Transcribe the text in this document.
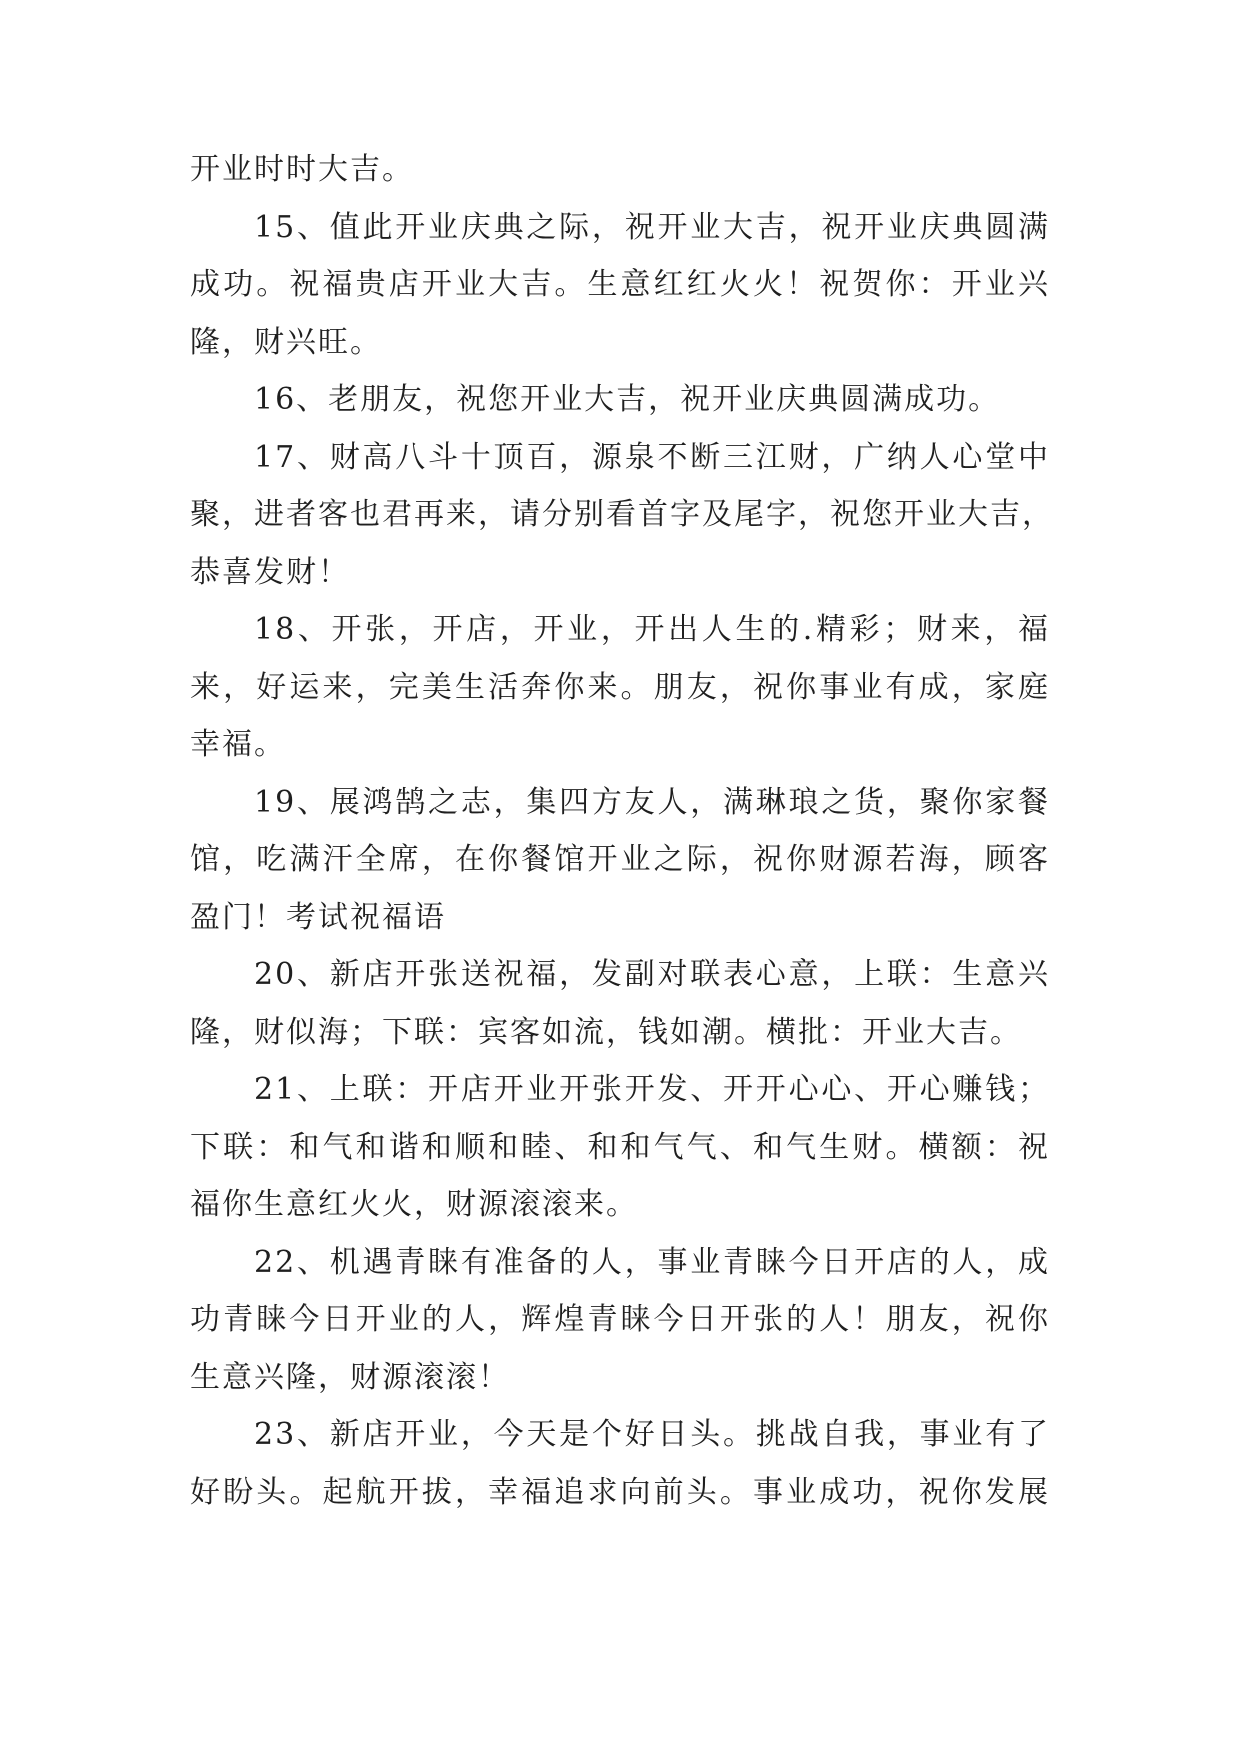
开业时时大吉。
15、值此开业庆典之际，祝开业大吉，祝开业庆典圆满
成功。祝福贵店开业大吉。生意红红火火！祝贺你：开业兴
隆，财兴旺。
16、老朋友，祝您开业大吉，祝开业庆典圆满成功。
17、财高八斗十顶百，源泉不断三江财，广纳人心堂中
聚，进者客也君再来，请分别看首字及尾字，祝您开业大吉，
恭喜发财！
18、开张，开店，开业，开出人生的.精彩；财来，福
来，好运来，完美生活奔你来。朋友，祝你事业有成，家庭
幸福。
19、展鸿鹄之志，集四方友人，满琳琅之货，聚你家餐
馆，吃满汗全席，在你餐馆开业之际，祝你财源若海，顾客
盈门！考试祝福语
20、新店开张送祝福，发副对联表心意，上联：生意兴
隆，财似海；下联：宾客如流，钱如潮。横批：开业大吉。
21、上联：开店开业开张开发、开开心心、开心赚钱；
下联：和气和谐和顺和睦、和和气气、和气生财。横额：祝
福你生意红火火，财源滚滚来。
22、机遇青睐有准备的人，事业青睐今日开店的人，成
功青睐今日开业的人，辉煌青睐今日开张的人！朋友，祝你
生意兴隆，财源滚滚！
23、新店开业，今天是个好日头。挑战自我，事业有了
好盼头。起航开拔，幸福追求向前头。事业成功，祝你发展
